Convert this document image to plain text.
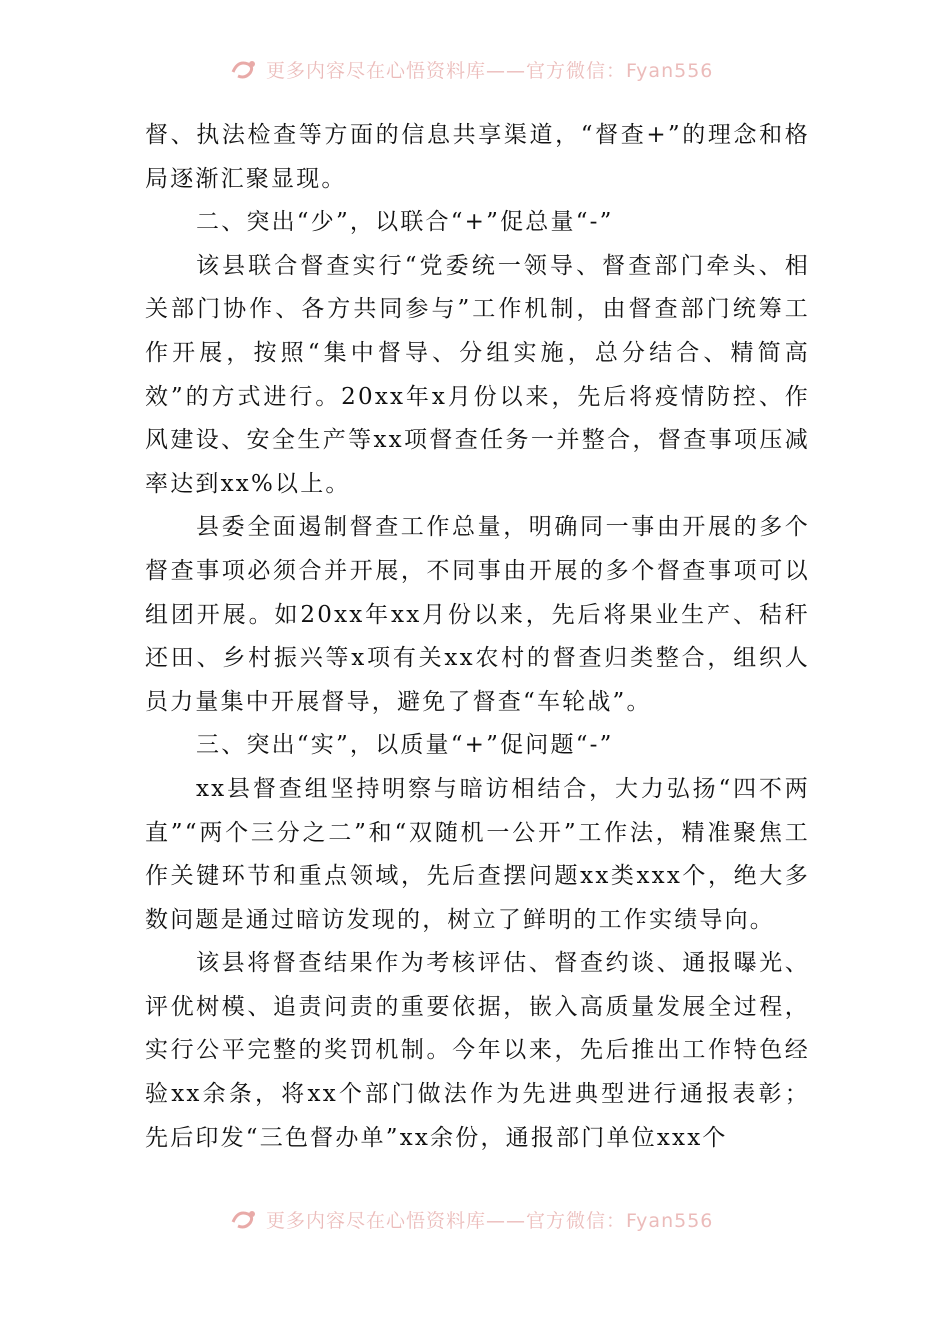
更多内容尽在心悟资料库——官方微信：Fyan556

督、执法检查等方面的信息共享渠道，“督查+”的理念和格局逐渐汇聚显现。

二、突出“少”，以联合“+”促总量“-”

该县联合督查实行“党委统一领导、督查部门牵头、相关部门协作、各方共同参与”工作机制，由督查部门统筹工作开展，按照“集中督导、分组实施，总分结合、精简高效”的方式进行。20xx年x月份以来，先后将疫情防控、作风建设、安全生产等xx项督查任务一并整合，督查事项压减率达到xx%以上。

县委全面遏制督查工作总量，明确同一事由开展的多个督查事项必须合并开展，不同事由开展的多个督查事项可以组团开展。如20xx年xx月份以来，先后将果业生产、秸秆还田、乡村振兴等x项有关xx农村的督查归类整合，组织人员力量集中开展督导，避免了督查“车轮战”。

三、突出“实”，以质量“+”促问题“-”

xx县督查组坚持明察与暗访相结合，大力弘扬“四不两直”“两个三分之二”和“双随机一公开”工作法，精准聚焦工作关键环节和重点领域，先后查摆问题xx类xxx个，绝大多数问题是通过暗访发现的，树立了鲜明的工作实绩导向。

该县将督查结果作为考核评估、督查约谈、通报曝光、评优树模、追责问责的重要依据，嵌入高质量发展全过程，实行公平完整的奖罚机制。今年以来，先后推出工作特色经验xx余条，将xx个部门做法作为先进典型进行通报表彰；先后印发“三色督办单”xx余份，通报部门单位xxx个

更多内容尽在心悟资料库——官方微信：Fyan556
